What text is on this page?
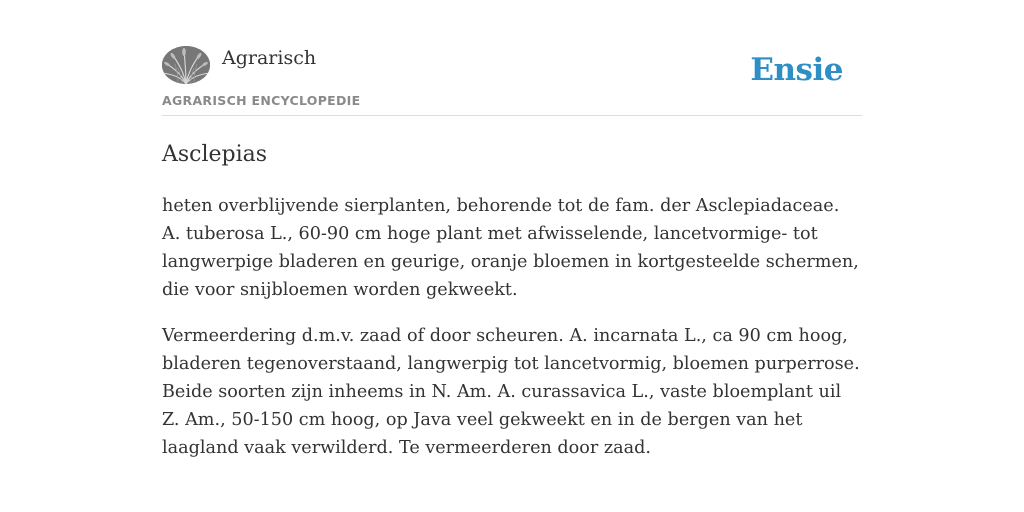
Agrarisch
AGRARISCH ENCYCLOPEDIE
Ensie
Asclepias

heten overblijvende sierplanten, behorende tot de fam. der Asclepiadaceae. A. tuberosa L., 60-90 cm hoge plant met afwisselende, lancetvormige- tot langwerpige bladeren en geurige, oranje bloemen in kortgesteelde schermen, die voor snijbloemen worden gekweekt.

Vermeerdering d.m.v. zaad of door scheuren. A. incarnata L., ca 90 cm hoog, bladeren tegenoverstaand, langwerpig tot lancetvormig, bloemen purperrose. Beide soorten zijn inheems in N. Am. A. curassavica L., vaste bloemplant uil Z. Am., 50-150 cm hoog, op Java veel gekweekt en in de bergen van het laagland vaak verwilderd. Te vermeerderen door zaad.
